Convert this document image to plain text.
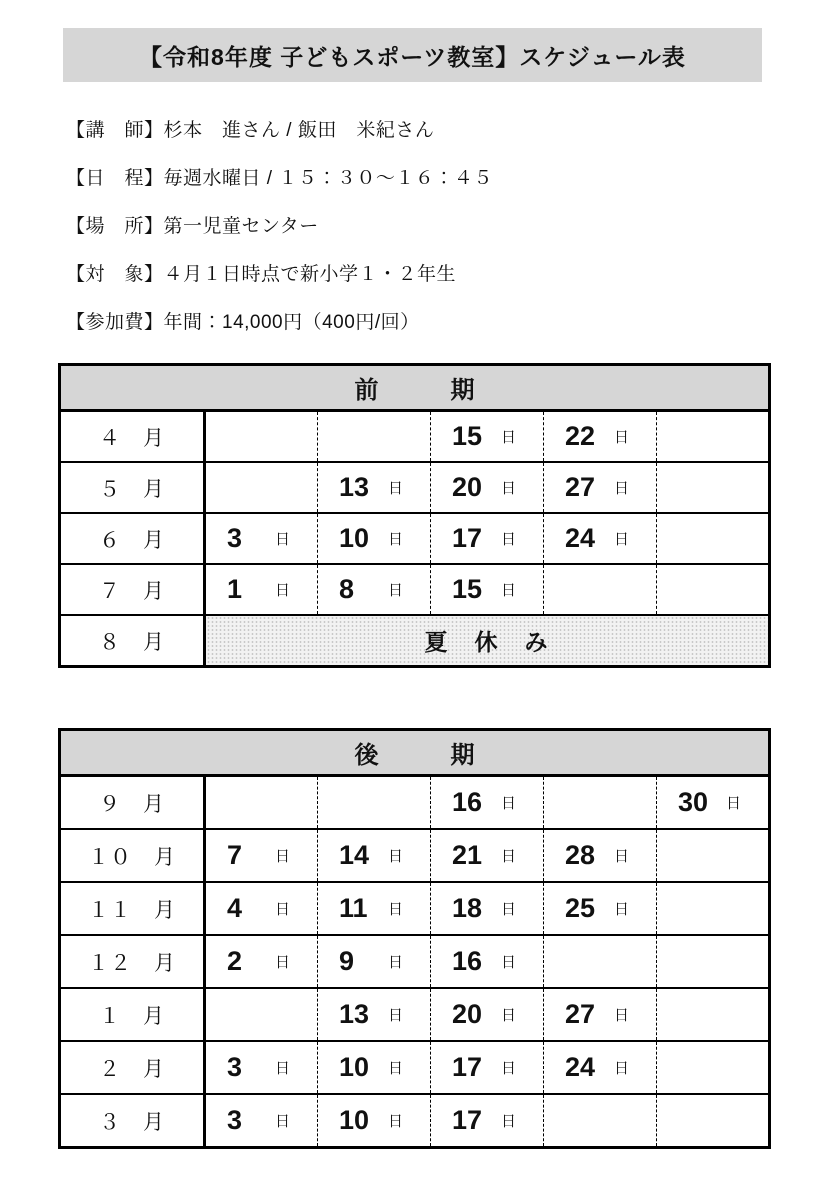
【令和8年度 子どもスポーツ教室】スケジュール表
【講　師】杉本　進さん / 飯田　米紀さん
【日　程】毎週水曜日 / １５：３０～１６：４５
【場　所】第一児童センター
【対　象】４月１日時点で新小学１・２年生
【参加費】年間：14,000円（400円/回）
前　　　期					
４　月			15 日	22 日	

５　月		13 日	20 日	27 日	

６　月	3 日	10 日	17 日	24 日	

７　月	1 日	8 日	15 日		

８　月	夏　休　み				
後　　　期					
９　月			16 日		30 日

１０　月	7 日	14 日	21 日	28 日	

１１　月	4 日	11 日	18 日	25 日	

１２　月	2 日	9 日	16 日		

１　月		13 日	20 日	27 日	

２　月	3 日	10 日	17 日	24 日	

３　月	3 日	10 日	17 日		
